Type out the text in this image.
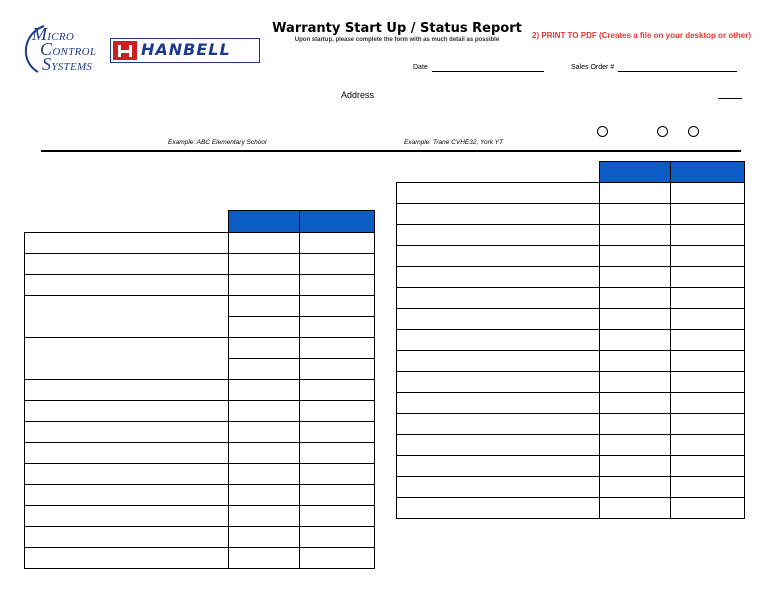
MICRO
CONTROL
SYSTEMS
HANBELL
Warranty Start Up / Status Report
Upon startup, please complete the form with as much detail as possible	2) PRINT TO PDF (Creates a file on your desktop or other)
Date	Sales Order #
Address
Example: ABC Elementary School	Example: Trane CVHE32, York YT
